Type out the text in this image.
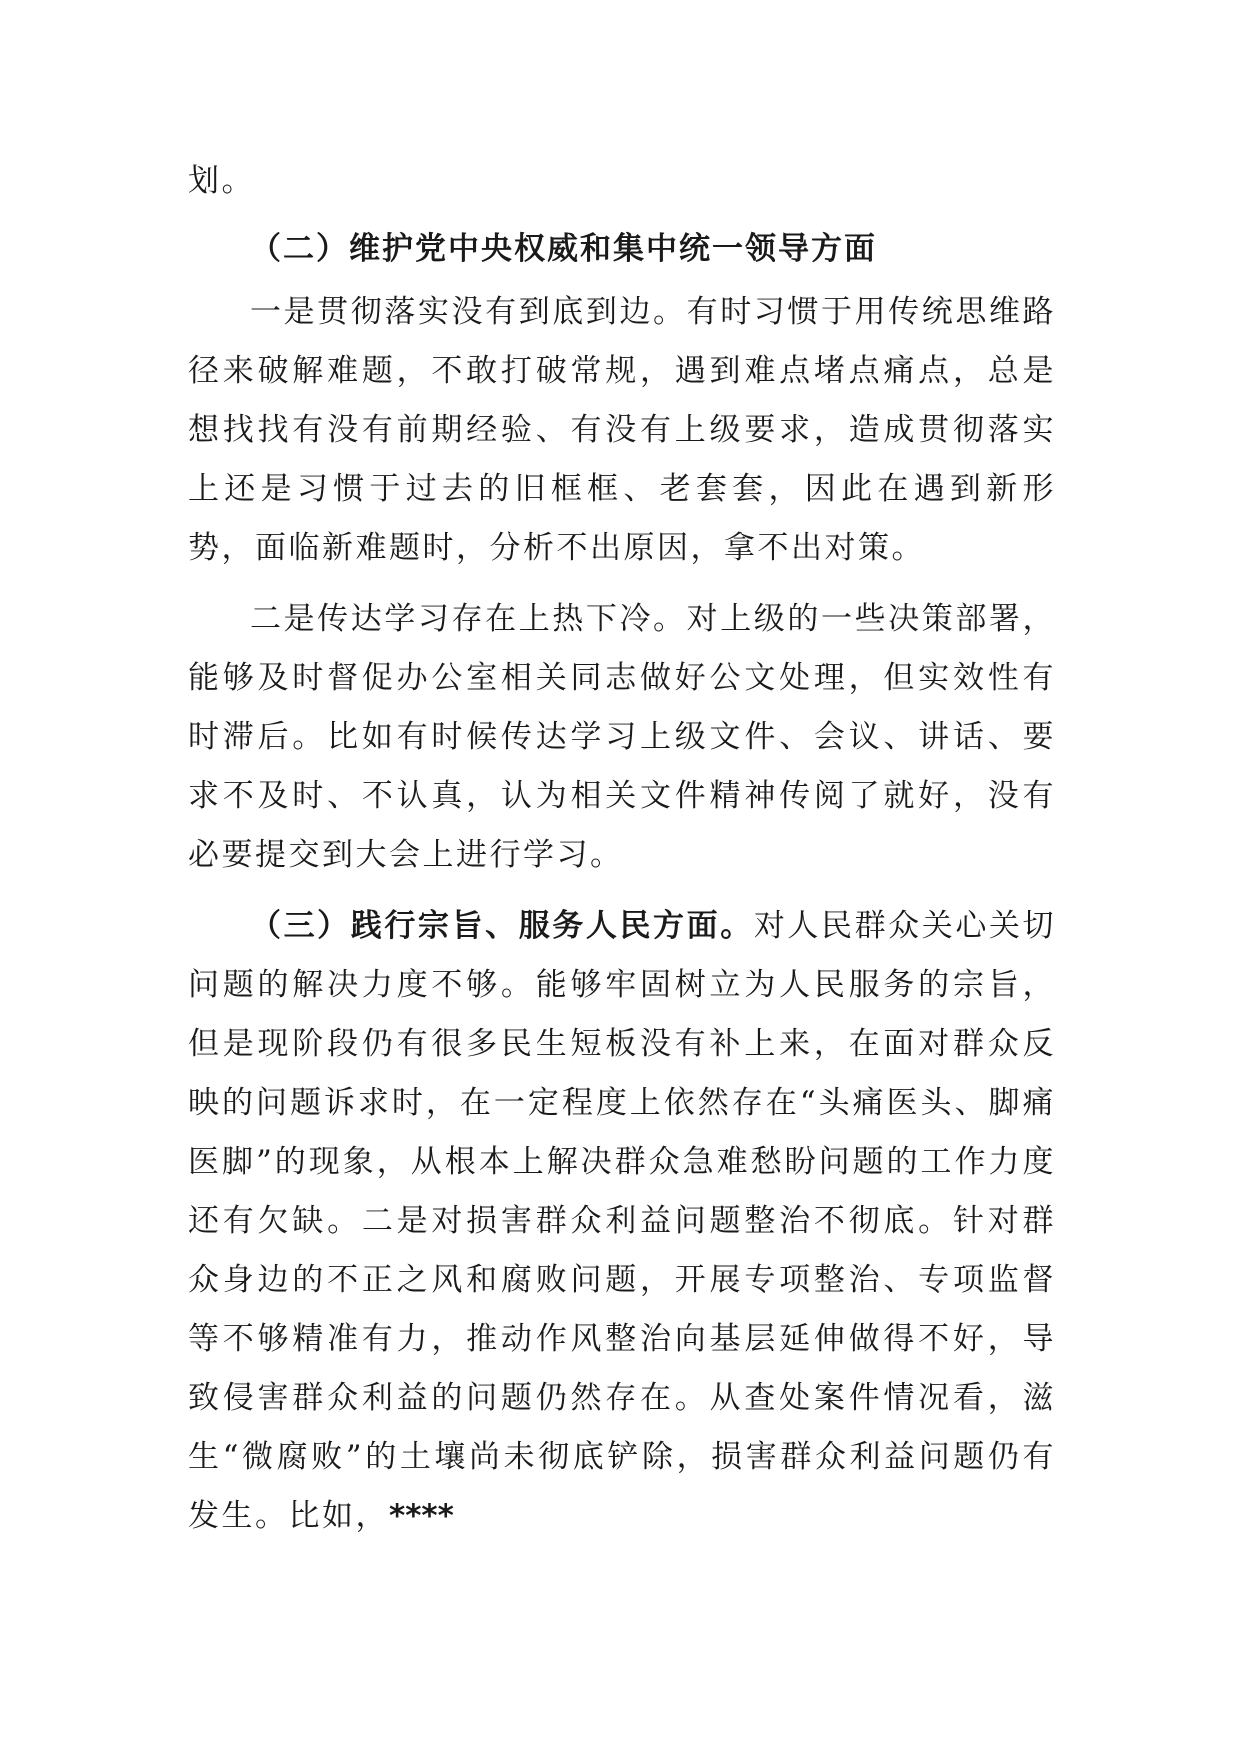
划。

（二）维护党中央权威和集中统一领导方面

一是贯彻落实没有到底到边。有时习惯于用传统思维路径来破解难题，不敢打破常规，遇到难点堵点痛点，总是想找找有没有前期经验、有没有上级要求，造成贯彻落实上还是习惯于过去的旧框框、老套套，因此在遇到新形势，面临新难题时，分析不出原因，拿不出对策。

二是传达学习存在上热下冷。对上级的一些决策部署，能够及时督促办公室相关同志做好公文处理，但实效性有时滞后。比如有时候传达学习上级文件、会议、讲话、要求不及时、不认真，认为相关文件精神传阅了就好，没有必要提交到大会上进行学习。

（三）践行宗旨、服务人民方面。对人民群众关心关切问题的解决力度不够。能够牢固树立为人民服务的宗旨，但是现阶段仍有很多民生短板没有补上来，在面对群众反映的问题诉求时，在一定程度上依然存在“头痛医头、脚痛医脚”的现象，从根本上解决群众急难愁盼问题的工作力度还有欠缺。二是对损害群众利益问题整治不彻底。针对群众身边的不正之风和腐败问题，开展专项整治、专项监督等不够精准有力，推动作风整治向基层延伸做得不好，导致侵害群众利益的问题仍然存在。从查处案件情况看，滋生“微腐败”的土壤尚未彻底铲除，损害群众利益问题仍有发生。比如，****
